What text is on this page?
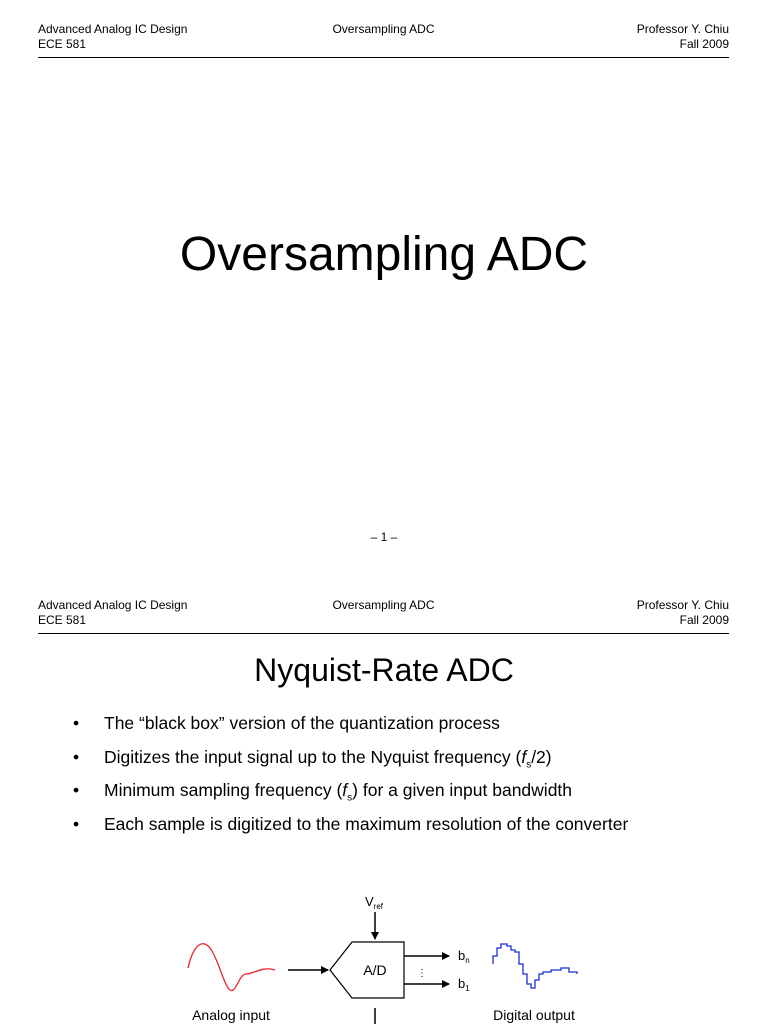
Advanced Analog IC Design
ECE 581
Oversampling ADC	Professor Y. Chiu
Fall 2009
Oversampling ADC
– 1 –
Advanced Analog IC Design
ECE 581
Oversampling ADC	Professor Y. Chiu
Fall 2009
Nyquist-Rate ADC
• The “black box” version of the quantization process
• Digitizes the input signal up to the Nyquist frequency $(f_s/2)$
• Minimum sampling frequency $(f_s)$ for a given input bandwidth
• Each sample is digitized to the maximum resolution of the converter
$V_{ref}$
A/D	⋮
$b_n$
$b_1$
Analog input	Digital output
